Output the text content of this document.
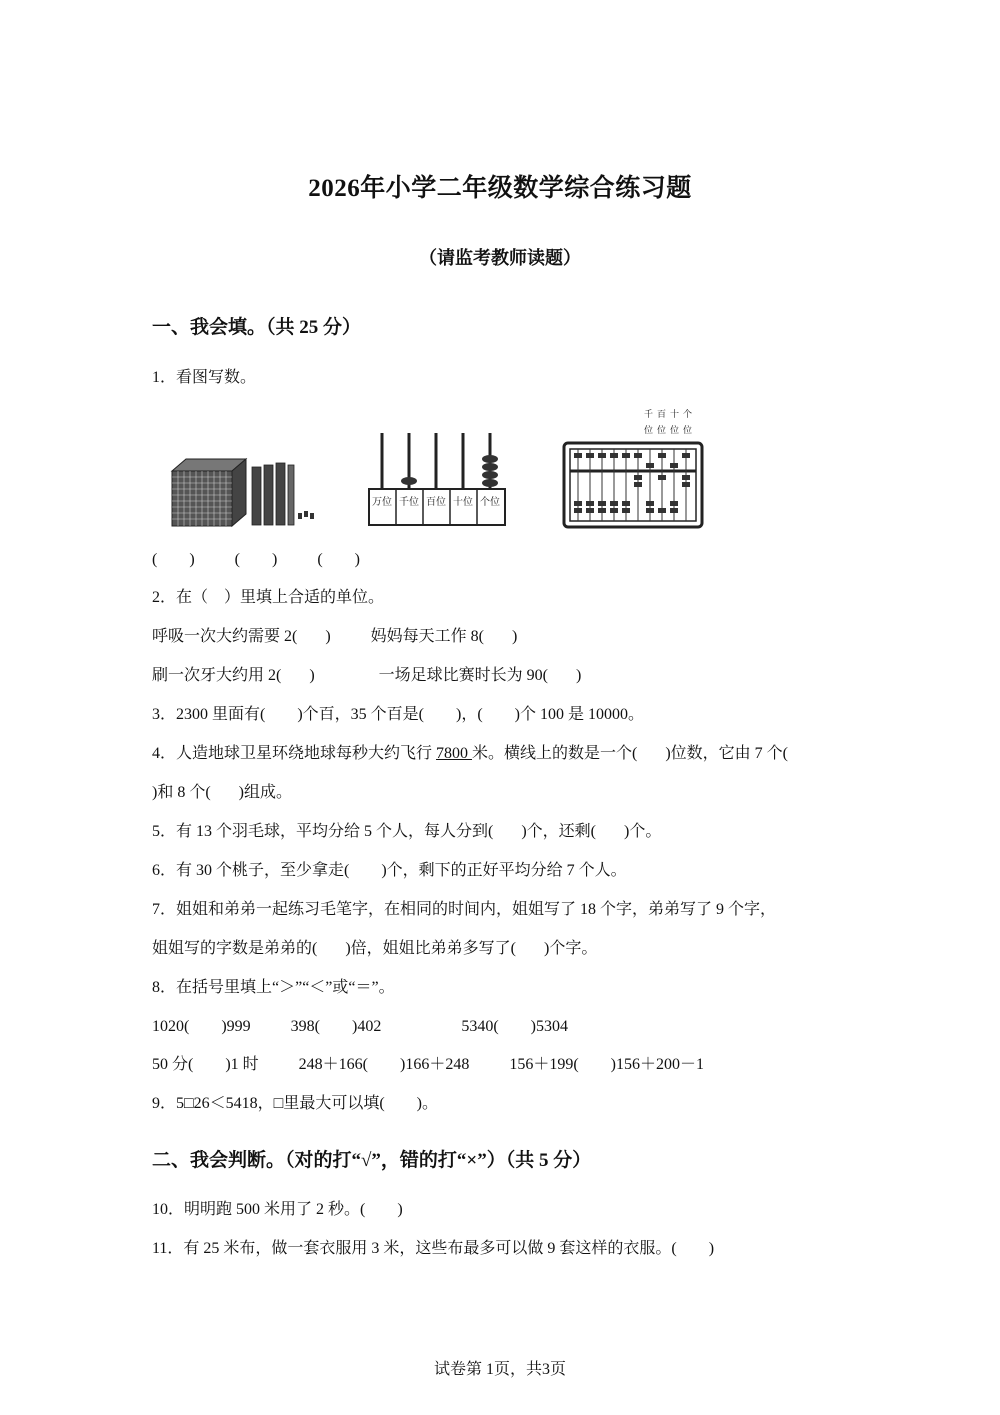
2026年小学二年级数学综合练习题
（请监考教师读题）
一、我会填。（共 25 分）
1．看图写数。
万位 千位 百位 十位 个位
千百十个
位位位位
(        )          (        )          (        )
2．在（    ）里填上合适的单位。
呼吸一次大约需要 2(       )          妈妈每天工作 8(       )
刷一次牙大约用 2(       )                一场足球比赛时长为 90(       )
3．2300 里面有(        )个百，35 个百是(        )，(        )个 100 是 10000。
4．人造地球卫星环绕地球每秒大约飞行 7800 米。横线上的数是一个(       )位数，它由 7 个(
)和 8 个(       )组成。
5．有 13 个羽毛球，平均分给 5 个人，每人分到(       )个，还剩(       )个。
6．有 30 个桃子，至少拿走(        )个，剩下的正好平均分给 7 个人。
7．姐姐和弟弟一起练习毛笔字，在相同的时间内，姐姐写了 18 个字，弟弟写了 9 个字，
姐姐写的字数是弟弟的(       )倍，姐姐比弟弟多写了(       )个字。
8．在括号里填上“＞”“＜”或“＝”。
1020(        )999          398(        )402                    5340(        )5304
50 分(        )1 时          248＋166(        )166＋248          156＋199(        )156＋200－1
9．5□26＜5418，□里最大可以填(        )。
二、我会判断。（对的打“√”，错的打“×”）（共 5 分）
10．明明跑 500 米用了 2 秒。(        )
11．有 25 米布，做一套衣服用 3 米，这些布最多可以做 9 套这样的衣服。(        )
试卷第 1页，共3页
